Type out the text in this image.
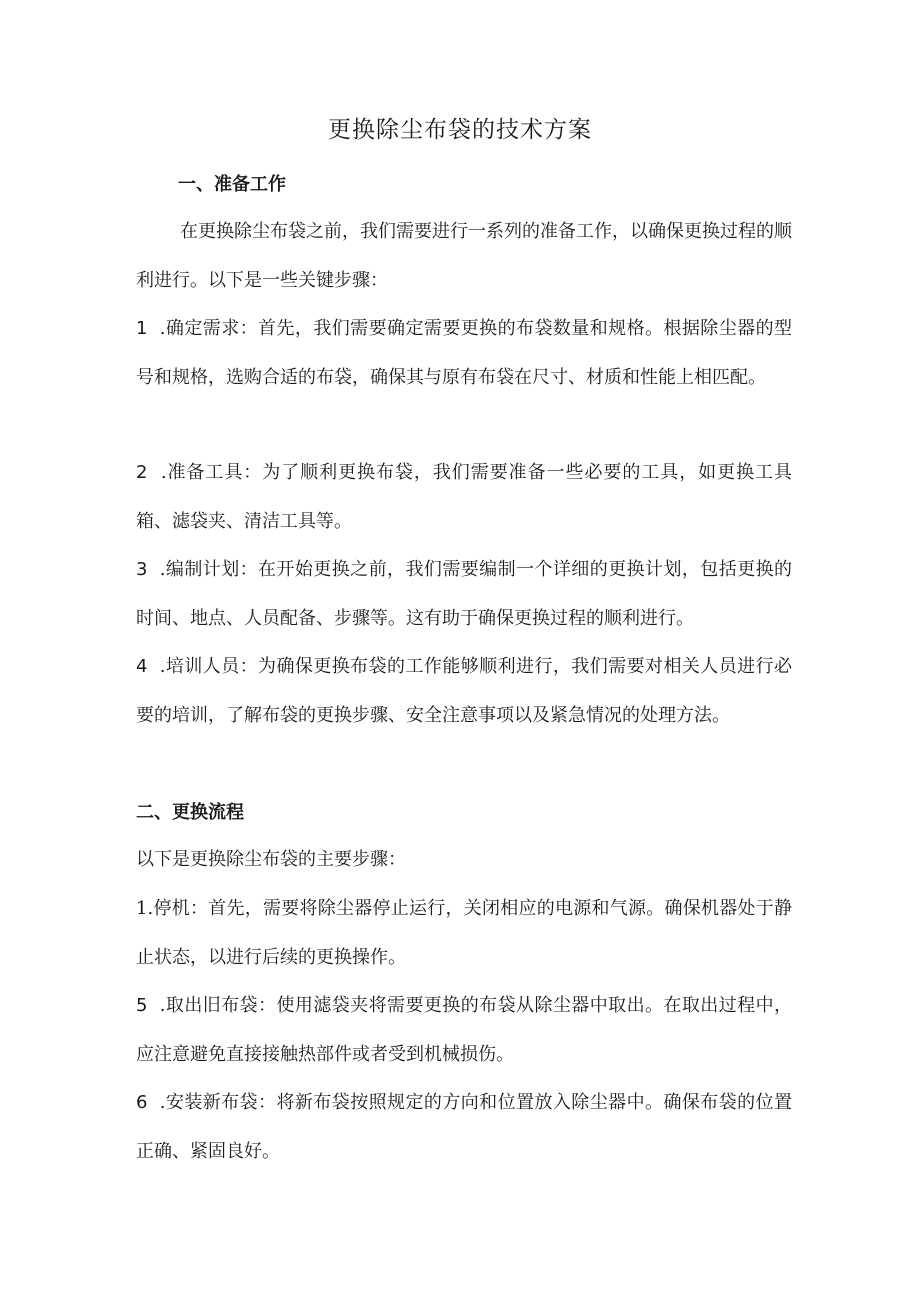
更换除尘布袋的技术方案
一、准备工作
在更换除尘布袋之前，我们需要进行一系列的准备工作，以确保更换过程的顺利进行。以下是一些关键步骤：
1 .确定需求：首先，我们需要确定需要更换的布袋数量和规格。根据除尘器的型号和规格，选购合适的布袋，确保其与原有布袋在尺寸、材质和性能上相匹配。
2 .准备工具：为了顺利更换布袋，我们需要准备一些必要的工具，如更换工具箱、滤袋夹、清洁工具等。
3 .编制计划：在开始更换之前，我们需要编制一个详细的更换计划，包括更换的时间、地点、人员配备、步骤等。这有助于确保更换过程的顺利进行。
4 .培训人员：为确保更换布袋的工作能够顺利进行，我们需要对相关人员进行必要的培训，了解布袋的更换步骤、安全注意事项以及紧急情况的处理方法。
二、更换流程
以下是更换除尘布袋的主要步骤：
1.停机：首先，需要将除尘器停止运行，关闭相应的电源和气源。确保机器处于静止状态，以进行后续的更换操作。
5 .取出旧布袋：使用滤袋夹将需要更换的布袋从除尘器中取出。在取出过程中，应注意避免直接接触热部件或者受到机械损伤。
6 .安装新布袋：将新布袋按照规定的方向和位置放入除尘器中。确保布袋的位置正确、紧固良好。
